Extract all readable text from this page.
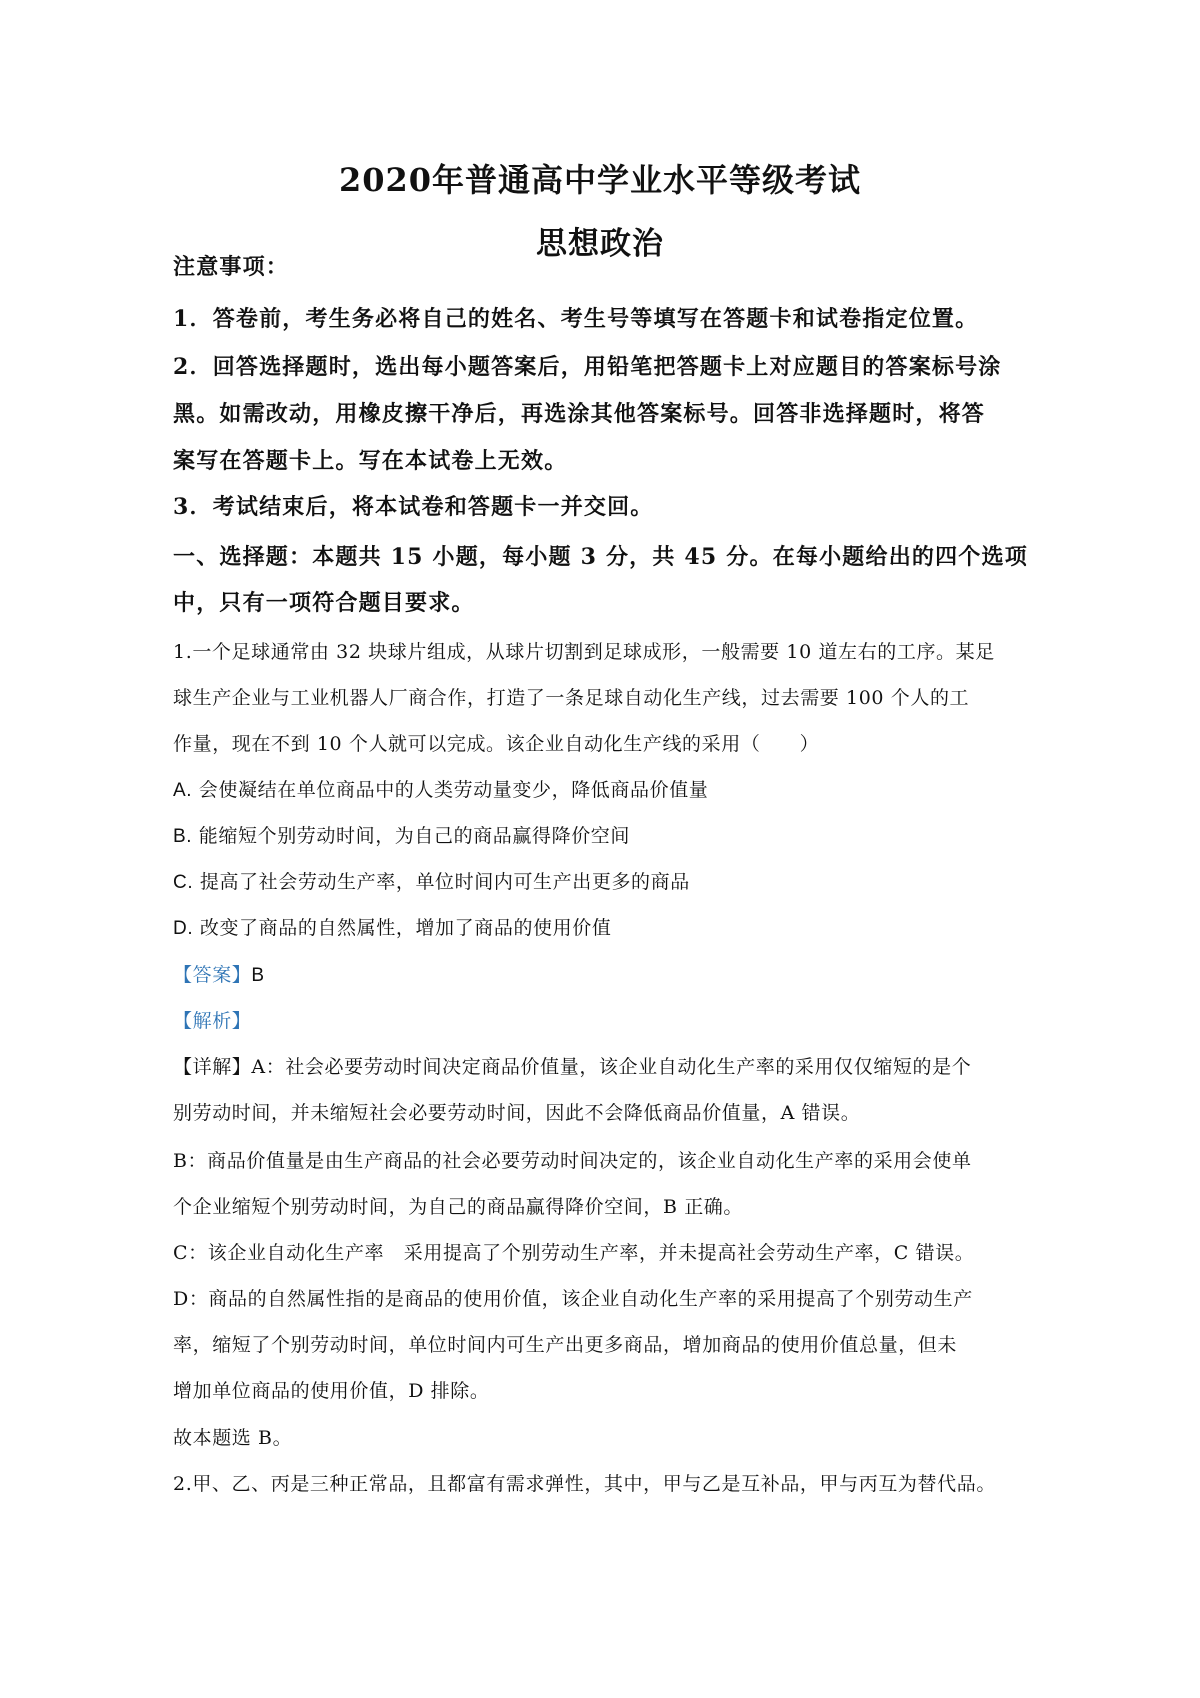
2020年普通高中学业水平等级考试
思想政治
注意事项：
1．答卷前，考生务必将自己的姓名、考生号等填写在答题卡和试卷指定位置。
2．回答选择题时，选出每小题答案后，用铅笔把答题卡上对应题目的答案标号涂
黑。如需改动，用橡皮擦干净后，再选涂其他答案标号。回答非选择题时，将答
案写在答题卡上。写在本试卷上无效。
3．考试结束后，将本试卷和答题卡一并交回。
一、选择题：本题共 15 小题，每小题 3 分，共 45 分。在每小题给出的四个选项
中，只有一项符合题目要求。
1.一个足球通常由 32 块球片组成，从球片切割到足球成形，一般需要 10 道左右的工序。某足
球生产企业与工业机器人厂商合作，打造了一条足球自动化生产线，过去需要 100 个人的工
作量，现在不到 10 个人就可以完成。该企业自动化生产线的采用（　　）
A. 会使凝结在单位商品中的人类劳动量变少，降低商品价值量
B. 能缩短个别劳动时间，为自己的商品赢得降价空间
C. 提高了社会劳动生产率，单位时间内可生产出更多的商品
D. 改变了商品的自然属性，增加了商品的使用价值
【答案】B
【解析】
【详解】A：社会必要劳动时间决定商品价值量，该企业自动化生产率的采用仅仅缩短的是个
别劳动时间，并未缩短社会必要劳动时间，因此不会降低商品价值量，A 错误。
B：商品价值量是由生产商品的社会必要劳动时间决定的，该企业自动化生产率的采用会使单
个企业缩短个别劳动时间，为自己的商品赢得降价空间，B 正确。
C：该企业自动化生产率　采用提高了个别劳动生产率，并未提高社会劳动生产率，C 错误。
D：商品的自然属性指的是商品的使用价值，该企业自动化生产率的采用提高了个别劳动生产
率，缩短了个别劳动时间，单位时间内可生产出更多商品，增加商品的使用价值总量，但未
增加单位商品的使用价值，D 排除。
故本题选 B。
2.甲、乙、丙是三种正常品，且都富有需求弹性，其中，甲与乙是互补品，甲与丙互为替代品。
